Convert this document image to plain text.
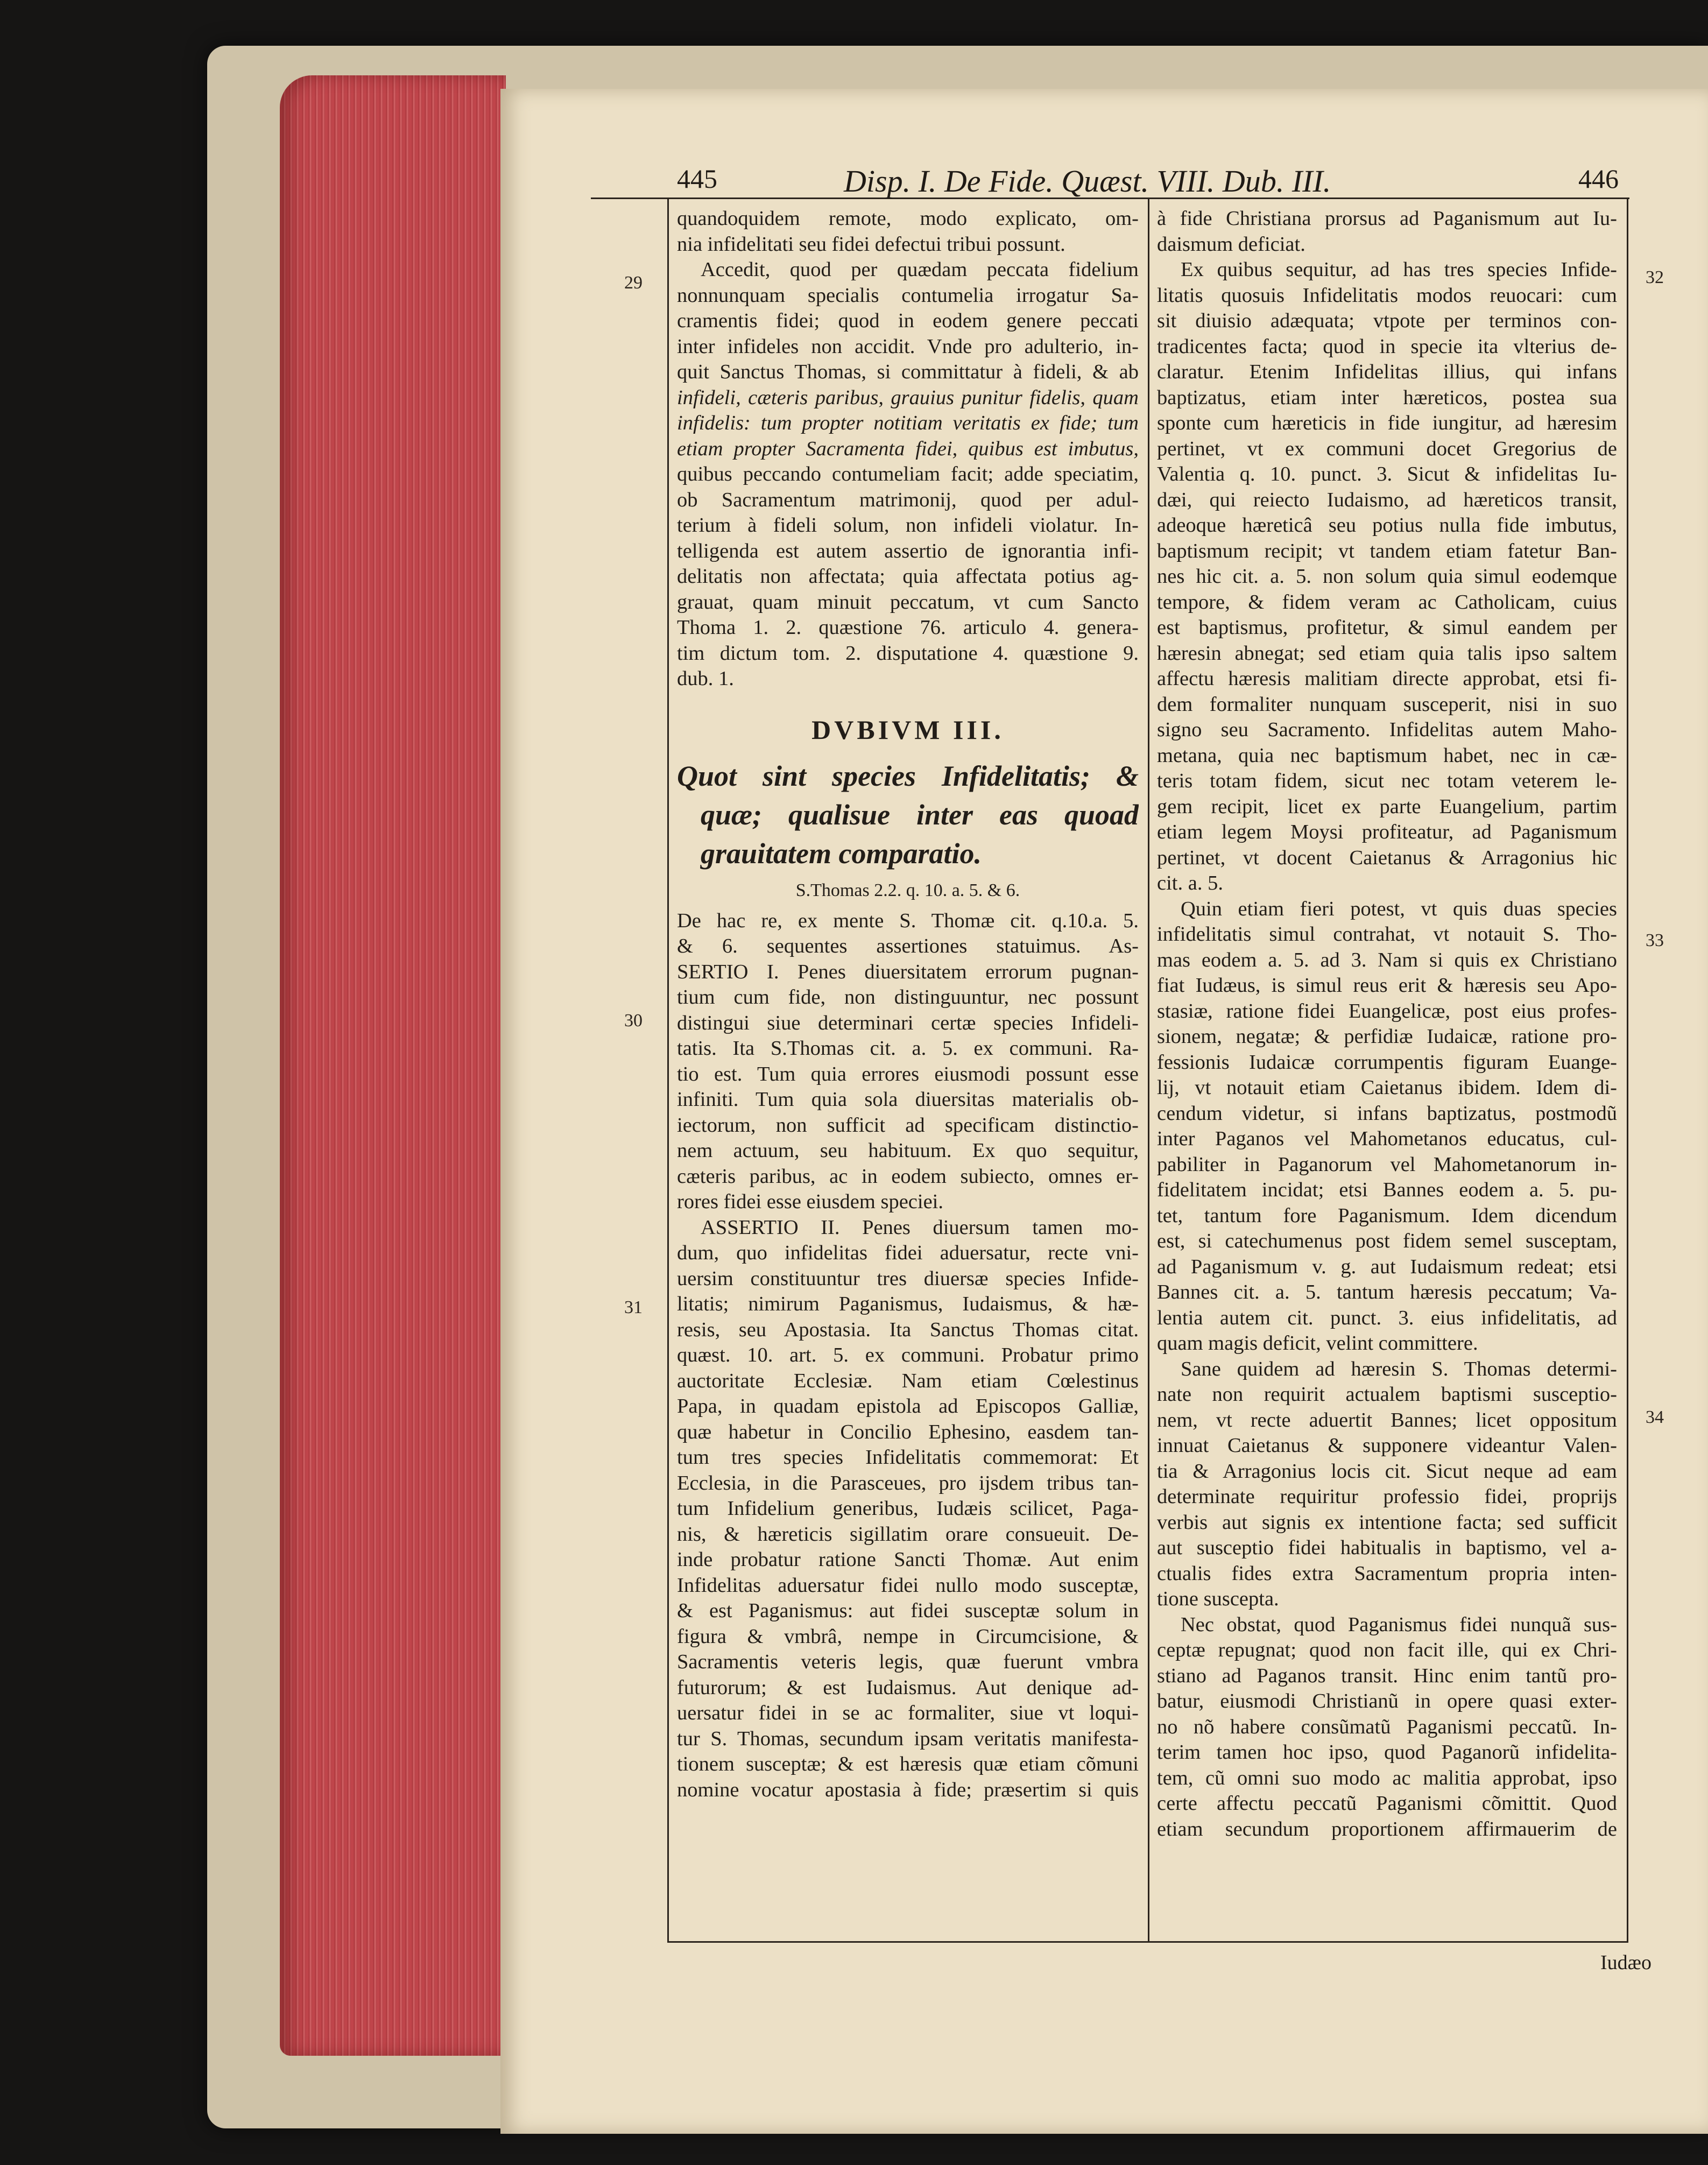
445	Disp. I. De Fide. Quæst. VIII. Dub. III.	446
29
30
31
32
33
34
quandoquidem remote, modo explicato, om-
nia infidelitati seu fidei defectui tribui possunt.
Accedit, quod per quædam peccata fidelium
nonnunquam specialis contumelia irrogatur Sa-
cramentis fidei; quod in eodem genere peccati
inter infideles non accidit. Vnde pro adulterio, in-
quit Sanctus Thomas, si committatur à fideli, & ab
infideli, cæteris paribus, grauius punitur fidelis, quam
infidelis: tum propter notitiam veritatis ex fide; tum
etiam propter Sacramenta fidei, quibus est imbutus,
quibus peccando contumeliam facit; adde speciatim,
ob Sacramentum matrimonij, quod per adul-
terium à fideli solum, non infideli violatur. In-
telligenda est autem assertio de ignorantia infi-
delitatis non affectata; quia affectata potius ag-
grauat, quam minuit peccatum, vt cum Sancto
Thoma 1. 2. quæstione 76. articulo 4. genera-
tim dictum tom. 2. disputatione 4. quæstione 9.
dub. 1.
DVBIVM III.
Quot sint species Infidelitatis; &
quæ; qualisue inter eas quoad
grauitatem comparatio.
S.Thomas 2.2. q. 10. a. 5. & 6.
De hac re, ex mente S. Thomæ cit. q.10.a. 5.
& 6. sequentes assertiones statuimus. As-
SERTIO I. Penes diuersitatem errorum pugnan-
tium cum fide, non distinguuntur, nec possunt
distingui siue determinari certæ species Infideli-
tatis. Ita S.Thomas cit. a. 5. ex communi. Ra-
tio est. Tum quia errores eiusmodi possunt esse
infiniti. Tum quia sola diuersitas materialis ob-
iectorum, non sufficit ad specificam distinctio-
nem actuum, seu habituum. Ex quo sequitur,
cæteris paribus, ac in eodem subiecto, omnes er-
rores fidei esse eiusdem speciei.
ASSERTIO II. Penes diuersum tamen mo-
dum, quo infidelitas fidei aduersatur, recte vni-
uersim constituuntur tres diuersæ species Infide-
litatis; nimirum Paganismus, Iudaismus, & hæ-
resis, seu Apostasia. Ita Sanctus Thomas citat.
quæst. 10. art. 5. ex communi. Probatur primo
auctoritate Ecclesiæ. Nam etiam Cœlestinus
Papa, in quadam epistola ad Episcopos Galliæ,
quæ habetur in Concilio Ephesino, easdem tan-
tum tres species Infidelitatis commemorat: Et
Ecclesia, in die Parasceues, pro ijsdem tribus tan-
tum Infidelium generibus, Iudæis scilicet, Paga-
nis, & hæreticis sigillatim orare consueuit. De-
inde probatur ratione Sancti Thomæ. Aut enim
Infidelitas aduersatur fidei nullo modo susceptæ,
& est Paganismus: aut fidei susceptæ solum in
figura & vmbrâ, nempe in Circumcisione, &
Sacramentis veteris legis, quæ fuerunt vmbra
futurorum; & est Iudaismus. Aut denique ad-
uersatur fidei in se ac formaliter, siue vt loqui-
tur S. Thomas, secundum ipsam veritatis manifesta-
tionem susceptæ; & est hæresis quæ etiam cõmuni
nomine vocatur apostasia à fide; præsertim si quis
à fide Christiana prorsus ad Paganismum aut Iu-
daismum deficiat.
Ex quibus sequitur, ad has tres species Infide-
litatis quosuis Infidelitatis modos reuocari: cum
sit diuisio adæquata; vtpote per terminos con-
tradicentes facta; quod in specie ita vlterius de-
claratur. Etenim Infidelitas illius, qui infans
baptizatus, etiam inter hæreticos, postea sua
sponte cum hæreticis in fide iungitur, ad hæresim
pertinet, vt ex communi docet Gregorius de
Valentia q. 10. punct. 3. Sicut & infidelitas Iu-
dæi, qui reiecto Iudaismo, ad hæreticos transit,
adeoque hæreticâ seu potius nulla fide imbutus,
baptismum recipit; vt tandem etiam fatetur Ban-
nes hic cit. a. 5. non solum quia simul eodemque
tempore, & fidem veram ac Catholicam, cuius
est baptismus, profitetur, & simul eandem per
hæresin abnegat; sed etiam quia talis ipso saltem
affectu hæresis malitiam directe approbat, etsi fi-
dem formaliter nunquam susceperit, nisi in suo
signo seu Sacramento. Infidelitas autem Maho-
metana, quia nec baptismum habet, nec in cæ-
teris totam fidem, sicut nec totam veterem le-
gem recipit, licet ex parte Euangelium, partim
etiam legem Moysi profiteatur, ad Paganismum
pertinet, vt docent Caietanus & Arragonius hic
cit. a. 5.
Quin etiam fieri potest, vt quis duas species
infidelitatis simul contrahat, vt notauit S. Tho-
mas eodem a. 5. ad 3. Nam si quis ex Christiano
fiat Iudæus, is simul reus erit & hæresis seu Apo-
stasiæ, ratione fidei Euangelicæ, post eius profes-
sionem, negatæ; & perfidiæ Iudaicæ, ratione pro-
fessionis Iudaicæ corrumpentis figuram Euange-
lij, vt notauit etiam Caietanus ibidem. Idem di-
cendum videtur, si infans baptizatus, postmodũ
inter Paganos vel Mahometanos educatus, cul-
pabiliter in Paganorum vel Mahometanorum in-
fidelitatem incidat; etsi Bannes eodem a. 5. pu-
tet, tantum fore Paganismum. Idem dicendum
est, si catechumenus post fidem semel susceptam,
ad Paganismum v. g. aut Iudaismum redeat; etsi
Bannes cit. a. 5. tantum hæresis peccatum; Va-
lentia autem cit. punct. 3. eius infidelitatis, ad
quam magis deficit, velint committere.
Sane quidem ad hæresin S. Thomas determi-
nate non requirit actualem baptismi susceptio-
nem, vt recte aduertit Bannes; licet oppositum
innuat Caietanus & supponere videantur Valen-
tia & Arragonius locis cit. Sicut neque ad eam
determinate requiritur professio fidei, proprijs
verbis aut signis ex intentione facta; sed sufficit
aut susceptio fidei habitualis in baptismo, vel a-
ctualis fides extra Sacramentum propria inten-
tione suscepta.
Nec obstat, quod Paganismus fidei nunquã sus-
ceptæ repugnat; quod non facit ille, qui ex Chri-
stiano ad Paganos transit. Hinc enim tantũ pro-
batur, eiusmodi Christianũ in opere quasi exter-
no nõ habere consũmatũ Paganismi peccatũ. In-
terim tamen hoc ipso, quod Paganorũ infidelita-
tem, cũ omni suo modo ac malitia approbat, ipso
certe affectu peccatũ Paganismi cõmittit. Quod
etiam secundum proportionem affirmauerim de
Iudæo
